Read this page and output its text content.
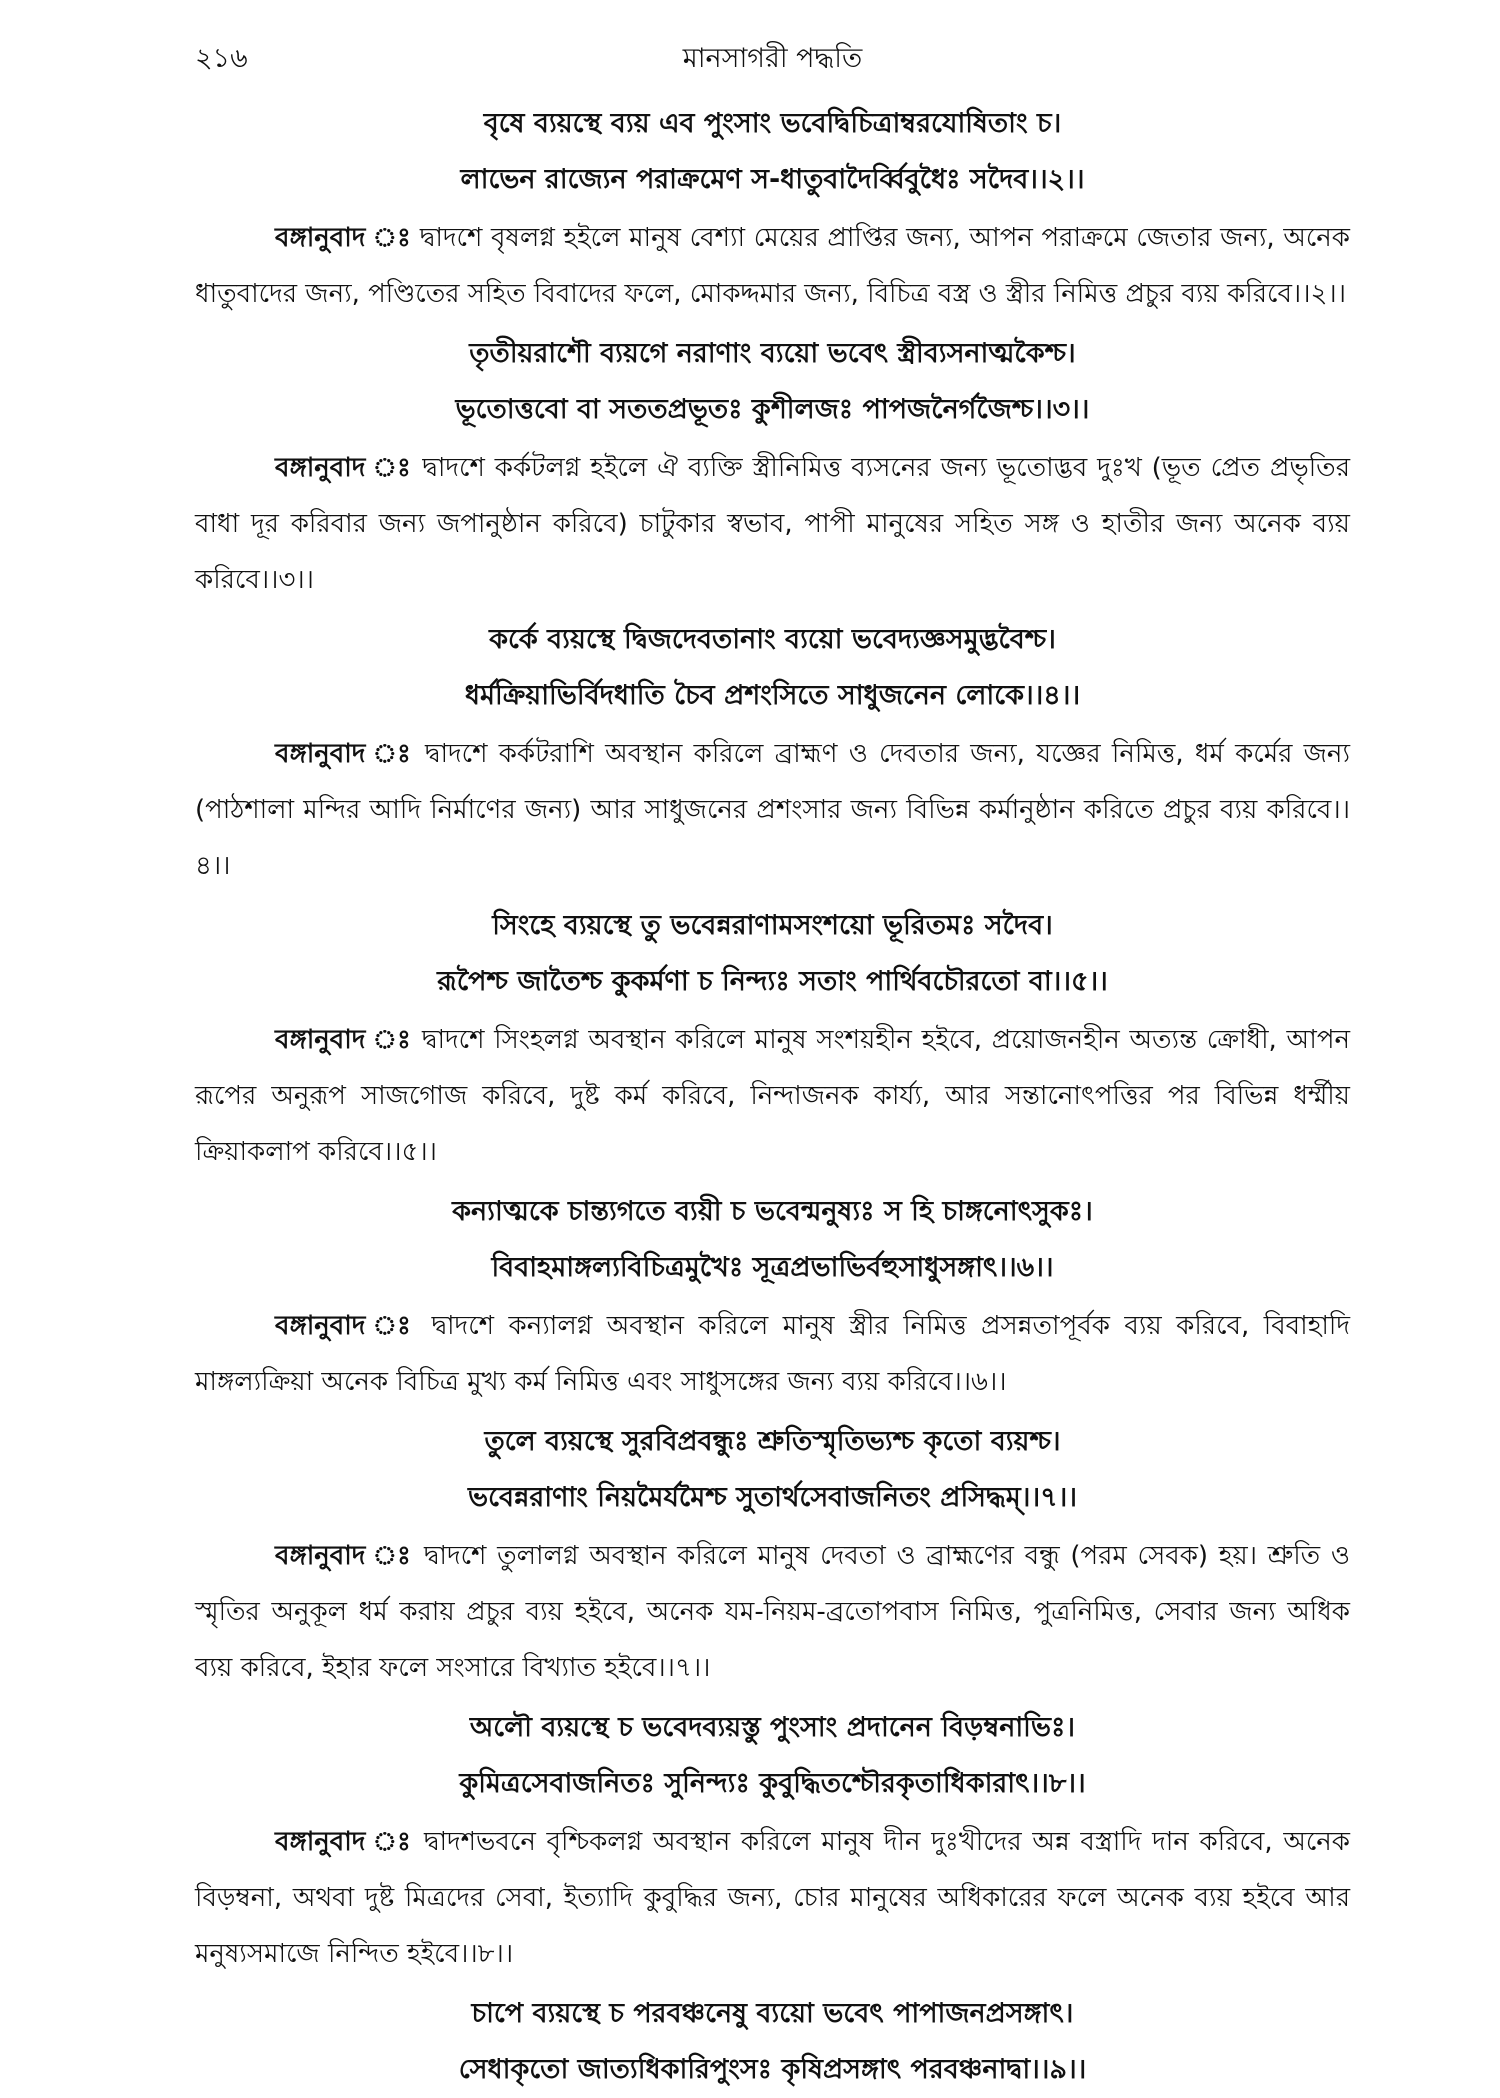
২১৬	মানসাগরী পদ্ধতি
বৃষে ব্যয়স্থে ব্যয় এব পুংসাং ভবেদ্বিচিত্রাম্বরযোষিতাং চ।
লাভেন রাজ্যেন পরাক্রমেণ স-ধাতুবাদৈর্ব্বিবুধৈঃ সদৈব।।২।।
বঙ্গানুবাদ ঃ দ্বাদশে বৃষলগ্ন হইলে মানুষ বেশ্যা মেয়ের প্রাপ্তির জন্য, আপন পরাক্রমে জেতার জন্য, অনেক ধাতুবাদের জন্য, পণ্ডিতের সহিত বিবাদের ফলে, মোকদ্দমার জন্য, বিচিত্র বস্ত্র ও স্ত্রীর নিমিত্ত প্রচুর ব্যয় করিবে।।২।।
তৃতীয়রাশৌ ব্যয়গে নরাণাং ব্যয়ো ভবেৎ স্ত্রীব্যসনাত্মকৈশ্চ।
ভূতোত্তবো বা সততপ্রভূতঃ কুশীলজঃ পাপজনৈর্গজৈশ্চ।।৩।।
বঙ্গানুবাদ ঃ দ্বাদশে কর্কটলগ্ন হইলে ঐ ব্যক্তি স্ত্রীনিমিত্ত ব্যসনের জন্য ভূতোদ্ভব দুঃখ (ভূত প্রেত প্রভৃতির বাধা দূর করিবার জন্য জপানুষ্ঠান করিবে) চাটুকার স্বভাব, পাপী মানুষের সহিত সঙ্গ ও হাতীর জন্য অনেক ব্যয় করিবে।।৩।।
কর্কে ব্যয়স্থে দ্বিজদেবতানাং ব্যয়ো ভবেদ্যজ্ঞসমুদ্ভবৈশ্চ।
ধর্মক্রিয়াভির্বিদধাতি চৈব প্রশংসিতে সাধুজনেন লোকে।।৪।।
বঙ্গানুবাদ ঃ দ্বাদশে কর্কটরাশি অবস্থান করিলে ব্রাহ্মণ ও দেবতার জন্য, যজ্ঞের নিমিত্ত, ধর্ম কর্মের জন্য (পাঠশালা মন্দির আদি নির্মাণের জন্য) আর সাধুজনের প্রশংসার জন্য বিভিন্ন কর্মানুষ্ঠান করিতে প্রচুর ব্যয় করিবে।।৪।।
সিংহে ব্যয়স্থে তু ভবেন্নরাণামসংশয়ো ভূরিতমঃ সদৈব।
রূপৈশ্চ জাতৈশ্চ কুকর্মণা চ নিন্দ্যঃ সতাং পার্থিবচৌরতো বা।।৫।।
বঙ্গানুবাদ ঃ দ্বাদশে সিংহলগ্ন অবস্থান করিলে মানুষ সংশয়হীন হইবে, প্রয়োজনহীন অত্যন্ত ক্রোধী, আপন রূপের অনুরূপ সাজগোজ করিবে, দুষ্ট কর্ম করিবে, নিন্দাজনক কার্য্য, আর সন্তানোৎপত্তির পর বিভিন্ন ধর্ম্মীয় ক্রিয়াকলাপ করিবে।।৫।।
কন্যাত্মকে চান্ত্যগতে ব্যয়ী চ ভবেন্মনুষ্যঃ স হি চাঙ্গনোৎসুকঃ।
বিবাহমাঙ্গল্যবিচিত্রমুখৈঃ সূত্রপ্রভাভির্বহুসাধুসঙ্গাৎ।।৬।।
বঙ্গানুবাদ ঃ দ্বাদশে কন্যালগ্ন অবস্থান করিলে মানুষ স্ত্রীর নিমিত্ত প্রসন্নতাপূর্বক ব্যয় করিবে, বিবাহাদি মাঙ্গল্যক্রিয়া অনেক বিচিত্র মুখ্য কর্ম নিমিত্ত এবং সাধুসঙ্গের জন্য ব্যয় করিবে।।৬।।
তুলে ব্যয়স্থে সুরবিপ্রবন্ধুঃ শ্রুতিস্মৃতিভ্যশ্চ কৃতো ব্যয়শ্চ।
ভবেন্নরাণাং নিয়মৈর্যমৈশ্চ সুতার্থসেবাজনিতং প্রসিদ্ধম্।।৭।।
বঙ্গানুবাদ ঃ দ্বাদশে তুলালগ্ন অবস্থান করিলে মানুষ দেবতা ও ব্রাহ্মণের বন্ধু (পরম সেবক) হয়। শ্রুতি ও স্মৃতির অনুকূল ধর্ম করায় প্রচুর ব্যয় হইবে, অনেক যম-নিয়ম-ব্রতোপবাস নিমিত্ত, পুত্রনিমিত্ত, সেবার জন্য অধিক ব্যয় করিবে, ইহার ফলে সংসারে বিখ্যাত হইবে।।৭।।
অলৌ ব্যয়স্থে চ ভবেদব্যয়স্তু পুংসাং প্রদানেন বিড়ম্বনাভিঃ।
কুমিত্রসেবাজনিতঃ সুনিন্দ্যঃ কুবুদ্ধিতশ্চৌরকৃতাধিকারাৎ।।৮।।
বঙ্গানুবাদ ঃ দ্বাদশভবনে বৃশ্চিকলগ্ন অবস্থান করিলে মানুষ দীন দুঃখীদের অন্ন বস্ত্রাদি দান করিবে, অনেক বিড়ম্বনা, অথবা দুষ্ট মিত্রদের সেবা, ইত্যাদি কুবুদ্ধির জন্য, চোর মানুষের অধিকারের ফলে অনেক ব্যয় হইবে আর মনুষ্যসমাজে নিন্দিত হইবে।।৮।।
চাপে ব্যয়স্থে চ পরবঞ্চনেষু ব্যয়ো ভবেৎ পাপাজনপ্রসঙ্গাৎ।
সেধাকৃতো জাত্যধিকারিপুংসঃ কৃষিপ্রসঙ্গাৎ পরবঞ্চনাদ্বা।।৯।।
